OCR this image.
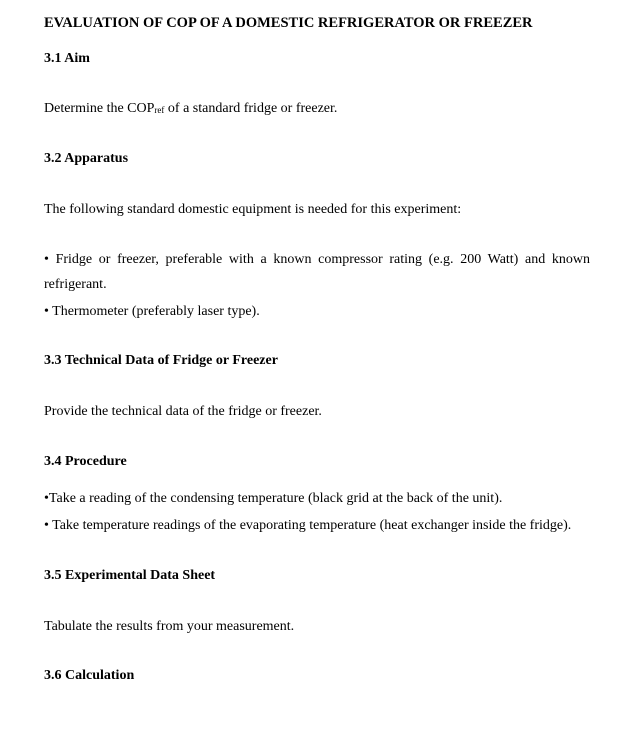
EVALUATION OF COP OF A DOMESTIC REFRIGERATOR OR FREEZER
3.1 Aim
Determine the $COP_{ref}$ of a standard fridge or freezer.
3.2 Apparatus
The following standard domestic equipment is needed for this experiment:
• Fridge or freezer, preferable with a known compressor rating (e.g. 200 Watt) and known
refrigerant.
• Thermometer (preferably laser type).
3.3 Technical Data of Fridge or Freezer
Provide the technical data of the fridge or freezer.
3.4 Procedure
•Take a reading of the condensing temperature (black grid at the back of the unit).
• Take temperature readings of the evaporating temperature (heat exchanger inside the fridge).
3.5 Experimental Data Sheet
Tabulate the results from your measurement.
3.6 Calculation
